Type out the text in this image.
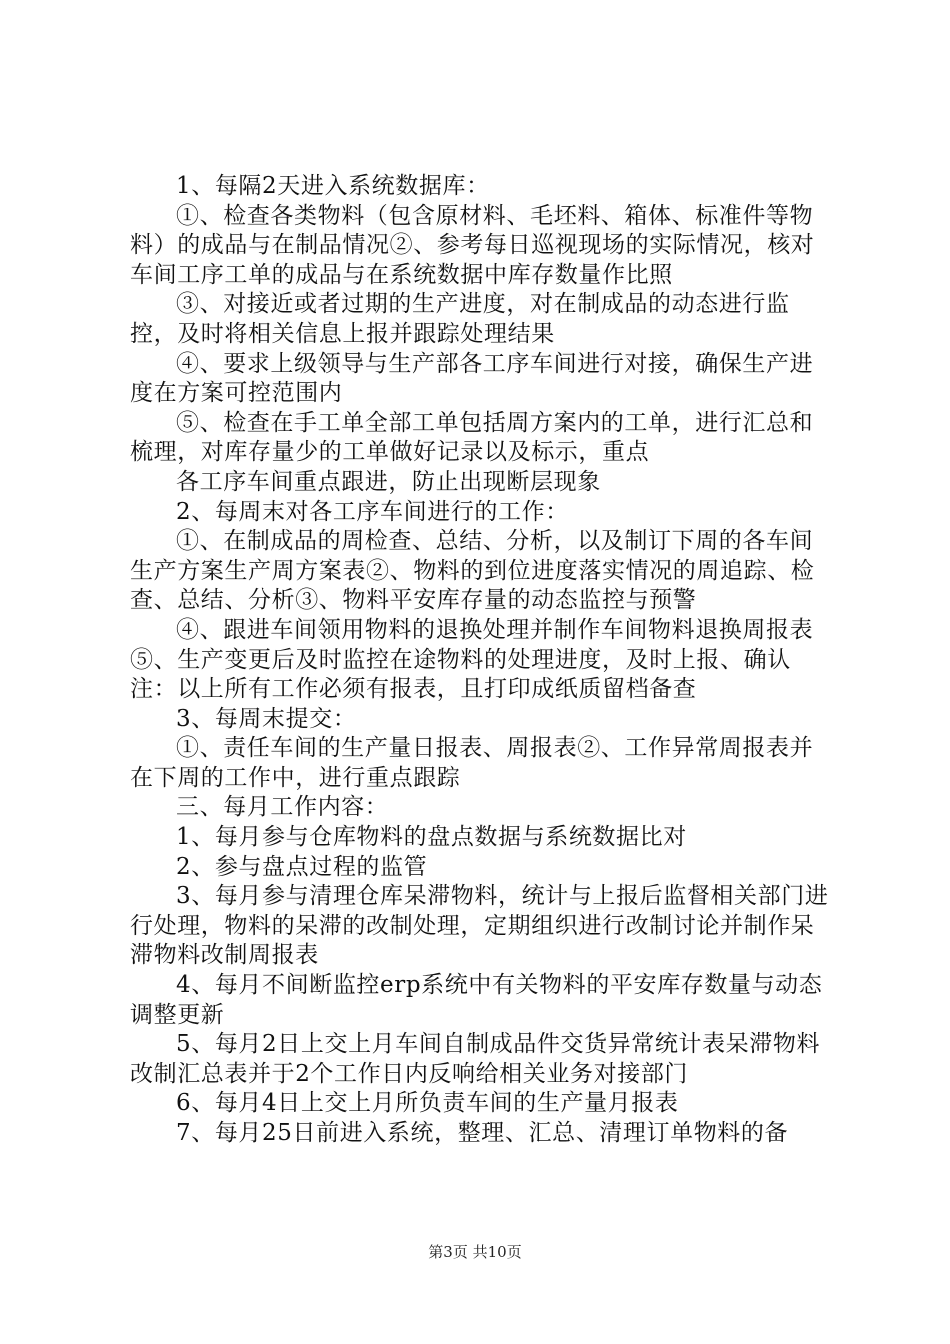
1、每隔2天进入系统数据库：

①、检查各类物料（包含原材料、毛坯料、箱体、标准件等物料）的成品与在制品情况②、参考每日巡视现场的实际情况，核对车间工序工单的成品与在系统数据中库存数量作比照

③、对接近或者过期的生产进度，对在制成品的动态进行监控，及时将相关信息上报并跟踪处理结果

④、要求上级领导与生产部各工序车间进行对接，确保生产进度在方案可控范围内

⑤、检查在手工单全部工单包括周方案内的工单，进行汇总和梳理，对库存量少的工单做好记录以及标示，重点

各工序车间重点跟进，防止出现断层现象

2、每周末对各工序车间进行的工作：

①、在制成品的周检查、总结、分析，以及制订下周的各车间生产方案生产周方案表②、物料的到位进度落实情况的周追踪、检查、总结、分析③、物料平安库存量的动态监控与预警

④、跟进车间领用物料的退换处理并制作车间物料退换周报表⑤、生产变更后及时监控在途物料的处理进度，及时上报、确认注：以上所有工作必须有报表，且打印成纸质留档备查

3、每周末提交：

①、责任车间的生产量日报表、周报表②、工作异常周报表并在下周的工作中，进行重点跟踪

三、每月工作内容：

1、每月参与仓库物料的盘点数据与系统数据比对

2、参与盘点过程的监管

3、每月参与清理仓库呆滞物料，统计与上报后监督相关部门进行处理，物料的呆滞的改制处理，定期组织进行改制讨论并制作呆滞物料改制周报表

4、每月不间断监控erp系统中有关物料的平安库存数量与动态调整更新

5、每月2日上交上月车间自制成品件交货异常统计表呆滞物料改制汇总表并于2个工作日内反响给相关业务对接部门

6、每月4日上交上月所负责车间的生产量月报表

7、每月25日前进入系统，整理、汇总、清理订单物料的备

第3页 共10页
